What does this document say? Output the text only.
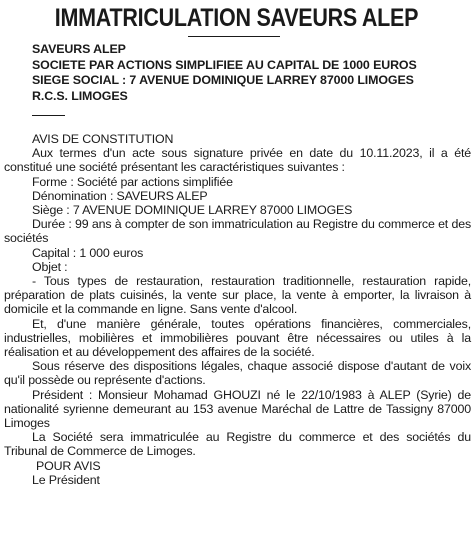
IMMATRICULATION SAVEURS ALEP
SAVEURS ALEP
SOCIETE PAR ACTIONS SIMPLIFIEE AU CAPITAL DE 1000 EUROS
SIEGE SOCIAL : 7 AVENUE DOMINIQUE LARREY 87000 LIMOGES
R.C.S. LIMOGES
AVIS DE CONSTITUTION
Aux termes d'un acte sous signature privée en date du 10.11.2023, il a été constitué une société présentant les caractéristiques suivantes :
Forme : Société par actions simplifiée
Dénomination : SAVEURS ALEP
Siège : 7 AVENUE DOMINIQUE LARREY 87000 LIMOGES
Durée : 99 ans à compter de son immatriculation au Registre du commerce et des sociétés
Capital : 1 000 euros
Objet :
- Tous types de restauration, restauration traditionnelle, restauration rapide, préparation de plats cuisinés, la vente sur place, la vente à emporter, la livraison à domicile et la commande en ligne. Sans vente d'alcool.
Et, d'une manière générale, toutes opérations financières, commerciales, industrielles, mobilières et immobilières pouvant être nécessaires ou utiles à la réalisation et au développement des affaires de la société.
Sous réserve des dispositions légales, chaque associé dispose d'autant de voix qu'il possède ou représente d'actions.
Président : Monsieur Mohamad GHOUZI né le 22/10/1983 à ALEP (Syrie) de nationalité syrienne demeurant au 153 avenue Maréchal de Lattre de Tassigny 87000 Limoges
La Société sera immatriculée au Registre du commerce et des sociétés du Tribunal de Commerce de Limoges.
POUR AVIS
Le Président
